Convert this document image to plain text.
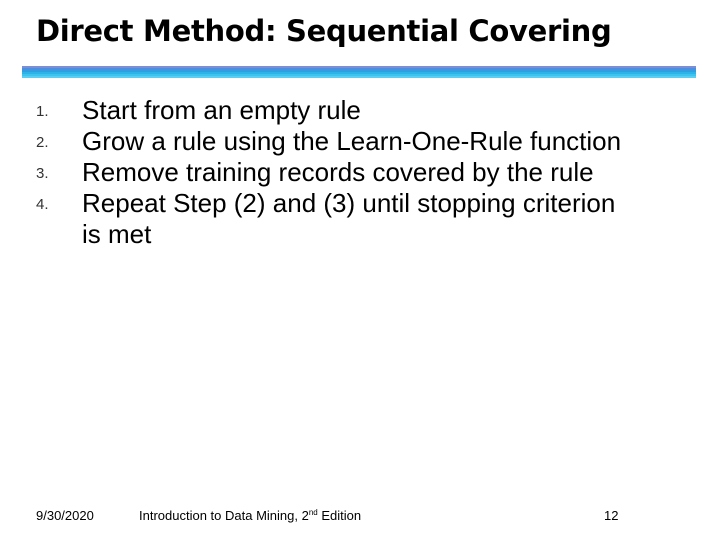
Direct Method: Sequential Covering
1. Start from an empty rule
2. Grow a rule using the Learn-One-Rule function
3. Remove training records covered by the rule
4. Repeat Step (2) and (3) until stopping criterion
is met
9/30/2020	Introduction to Data Mining, 2nd Edition	12
